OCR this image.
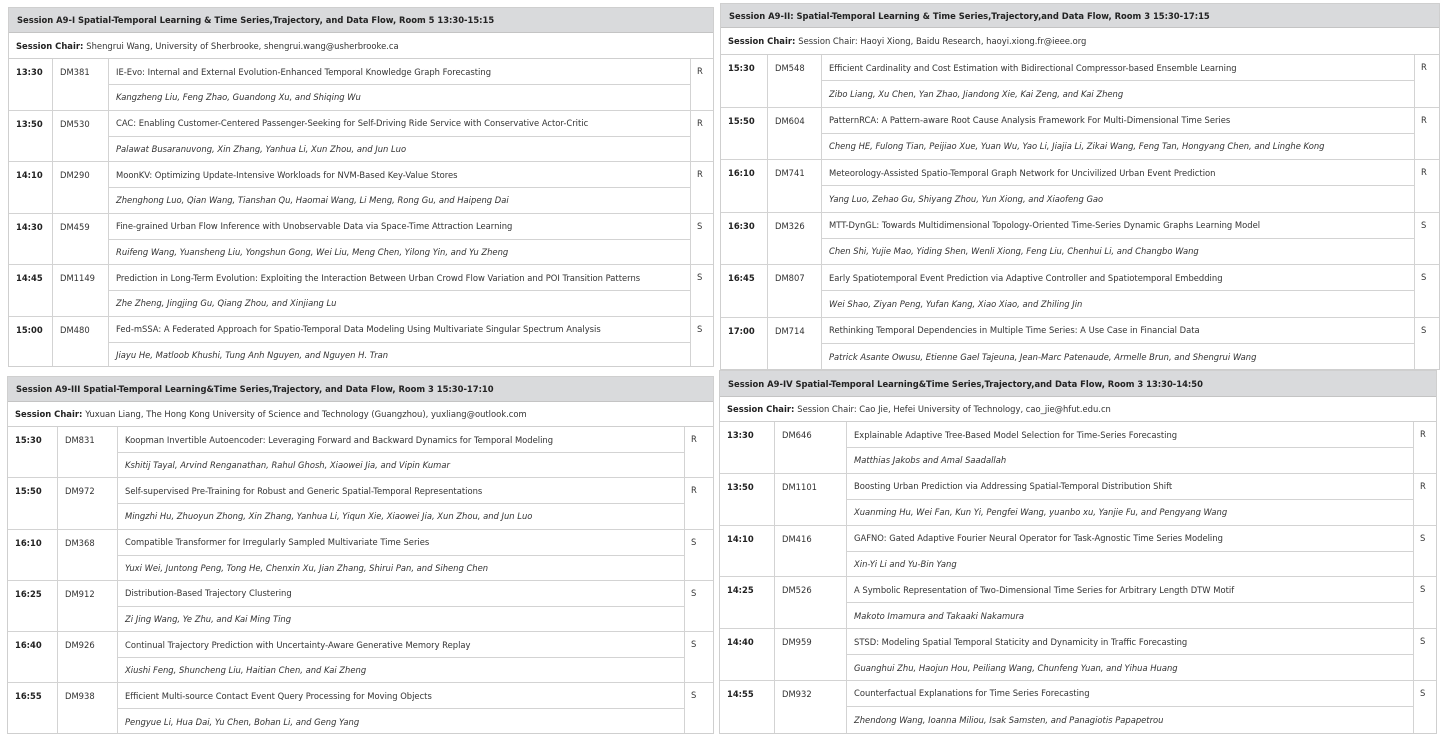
Session A9-I Spatial-Temporal Learning & Time Series,Trajectory, and Data Flow, Room 5 13:30-15:15
Session Chair: Shengrui Wang, University of Sherbrooke, shengrui.wang@usherbrooke.ca
13:30	DM381	IE-Evo: Internal and External Evolution-Enhanced Temporal Knowledge Graph Forecasting
Kangzheng Liu, Feng Zhao, Guandong Xu, and Shiqing Wu
R
13:50	DM530	CAC: Enabling Customer-Centered Passenger-Seeking for Self-Driving Ride Service with Conservative Actor-Critic
Palawat Busaranuvong, Xin Zhang, Yanhua Li, Xun Zhou, and Jun Luo
R
14:10	DM290	MoonKV: Optimizing Update-Intensive Workloads for NVM-Based Key-Value Stores
Zhenghong Luo, Qian Wang, Tianshan Qu, Haomai Wang, Li Meng, Rong Gu, and Haipeng Dai
R
14:30	DM459	Fine-grained Urban Flow Inference with Unobservable Data via Space-Time Attraction Learning
Ruifeng Wang, Yuansheng Liu, Yongshun Gong, Wei Liu, Meng Chen, Yilong Yin, and Yu Zheng
S
14:45	DM1149	Prediction in Long-Term Evolution: Exploiting the Interaction Between Urban Crowd Flow Variation and POI Transition Patterns
Zhe Zheng, Jingjing Gu, Qiang Zhou, and Xinjiang Lu
S
15:00	DM480	Fed-mSSA: A Federated Approach for Spatio-Temporal Data Modeling Using Multivariate Singular Spectrum Analysis
Jiayu He, Matloob Khushi, Tung Anh Nguyen, and Nguyen H. Tran
S
Session A9-II: Spatial-Temporal Learning & Time Series,Trajectory,and Data Flow, Room 3 15:30-17:15
Session Chair: Session Chair: Haoyi Xiong, Baidu Research, haoyi.xiong.fr@ieee.org
15:30	DM548	Efficient Cardinality and Cost Estimation with Bidirectional Compressor-based Ensemble Learning
Zibo Liang, Xu Chen, Yan Zhao, Jiandong Xie, Kai Zeng, and Kai Zheng
R
15:50	DM604	PatternRCA: A Pattern-aware Root Cause Analysis Framework For Multi-Dimensional Time Series
Cheng HE, Fulong Tian, Peijiao Xue, Yuan Wu, Yao Li, Jiajia Li, Zikai Wang, Feng Tan, Hongyang Chen, and Linghe Kong
R
16:10	DM741	Meteorology-Assisted Spatio-Temporal Graph Network for Uncivilized Urban Event Prediction
Yang Luo, Zehao Gu, Shiyang Zhou, Yun Xiong, and Xiaofeng Gao
R
16:30	DM326	MTT-DynGL: Towards Multidimensional Topology-Oriented Time-Series Dynamic Graphs Learning Model
Chen Shi, Yujie Mao, Yiding Shen, Wenli Xiong, Feng Liu, Chenhui Li, and Changbo Wang
S
16:45	DM807	Early Spatiotemporal Event Prediction via Adaptive Controller and Spatiotemporal Embedding
Wei Shao, Ziyan Peng, Yufan Kang, Xiao Xiao, and Zhiling Jin
S
17:00	DM714	Rethinking Temporal Dependencies in Multiple Time Series: A Use Case in Financial Data
Patrick Asante Owusu, Etienne Gael Tajeuna, Jean-Marc Patenaude, Armelle Brun, and Shengrui Wang
S
Session A9-III Spatial-Temporal Learning&Time Series,Trajectory, and Data Flow, Room 3 15:30-17:10
Session Chair: Yuxuan Liang, The Hong Kong University of Science and Technology (Guangzhou), yuxliang@outlook.com
15:30	DM831	Koopman Invertible Autoencoder: Leveraging Forward and Backward Dynamics for Temporal Modeling
Kshitij Tayal, Arvind Renganathan, Rahul Ghosh, Xiaowei Jia, and Vipin Kumar
R
15:50	DM972	Self-supervised Pre-Training for Robust and Generic Spatial-Temporal Representations
Mingzhi Hu, Zhuoyun Zhong, Xin Zhang, Yanhua Li, Yiqun Xie, Xiaowei Jia, Xun Zhou, and Jun Luo
R
16:10	DM368	Compatible Transformer for Irregularly Sampled Multivariate Time Series
Yuxi Wei, Juntong Peng, Tong He, Chenxin Xu, Jian Zhang, Shirui Pan, and Siheng Chen
S
16:25	DM912	Distribution-Based Trajectory Clustering
Zi Jing Wang, Ye Zhu, and Kai Ming Ting
S
16:40	DM926	Continual Trajectory Prediction with Uncertainty-Aware Generative Memory Replay
Xiushi Feng, Shuncheng Liu, Haitian Chen, and Kai Zheng
S
16:55	DM938	Efficient Multi-source Contact Event Query Processing for Moving Objects
Pengyue Li, Hua Dai, Yu Chen, Bohan Li, and Geng Yang
S
Session A9-IV Spatial-Temporal Learning&Time Series,Trajectory,and Data Flow, Room 3 13:30-14:50
Session Chair: Session Chair: Cao Jie, Hefei University of Technology, cao_jie@hfut.edu.cn
13:30	DM646	Explainable Adaptive Tree-Based Model Selection for Time-Series Forecasting
Matthias Jakobs and Amal Saadallah
R
13:50	DM1101	Boosting Urban Prediction via Addressing Spatial-Temporal Distribution Shift
Xuanming Hu, Wei Fan, Kun Yi, Pengfei Wang, yuanbo xu, Yanjie Fu, and Pengyang Wang
R
14:10	DM416	GAFNO: Gated Adaptive Fourier Neural Operator for Task-Agnostic Time Series Modeling
Xin-Yi Li and Yu-Bin Yang
S
14:25	DM526	A Symbolic Representation of Two-Dimensional Time Series for Arbitrary Length DTW Motif
Makoto Imamura and Takaaki Nakamura
S
14:40	DM959	STSD: Modeling Spatial Temporal Staticity and Dynamicity in Traffic Forecasting
Guanghui Zhu, Haojun Hou, Peiliang Wang, Chunfeng Yuan, and Yihua Huang
S
14:55	DM932	Counterfactual Explanations for Time Series Forecasting
Zhendong Wang, Ioanna Miliou, Isak Samsten, and Panagiotis Papapetrou
S
